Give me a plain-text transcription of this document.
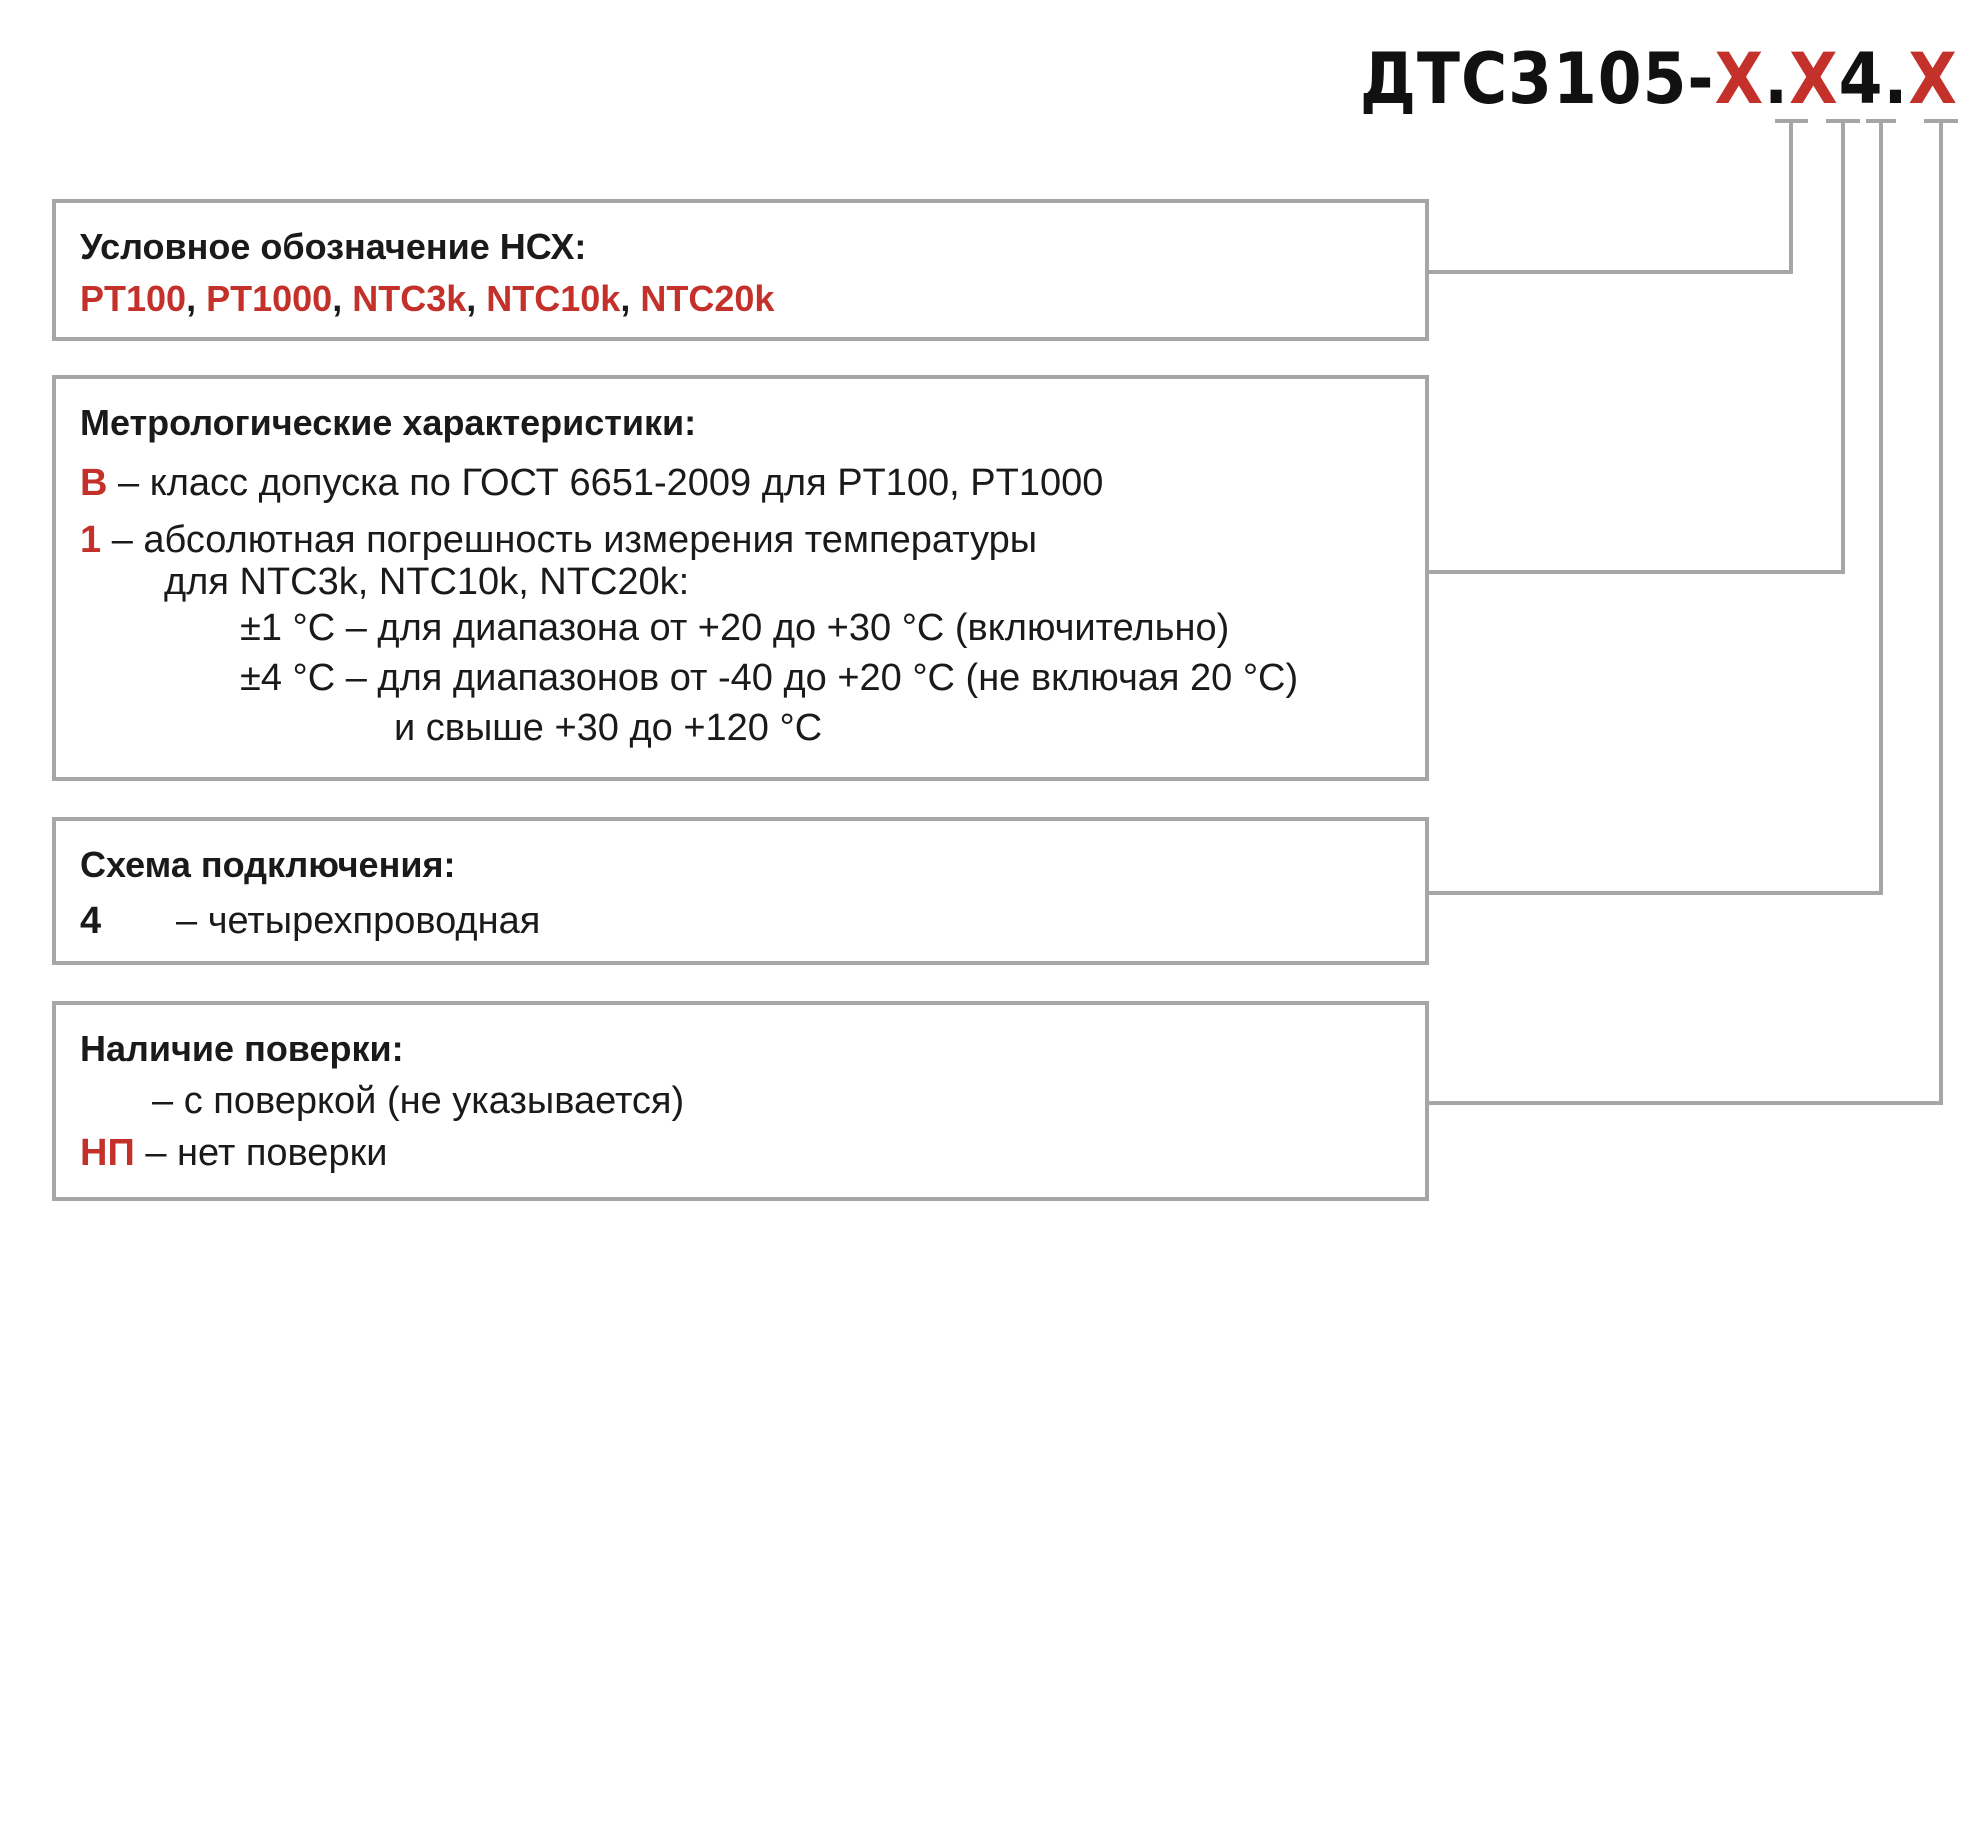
ДТС3105-X.X4.X
Условное обозначение НСХ:
PT100, PT1000, NTC3k, NTC10k, NTC20k
Метрологические характеристики:
B – класс допуска по ГОСТ 6651-2009 для PT100, PT1000
1 – абсолютная погрешность измерения температуры
для NTC3k, NTC10k, NTC20k:
±1 °С – для диапазона от +20 до +30 °С (включительно)
±4 °С – для диапазонов от -40 до +20 °С (не включая 20 °С)
и свыше +30 до +120 °С
Схема подключения:
4 – четырехпроводная
Наличие поверки:
– с поверкой (не указывается)
НП – нет поверки
